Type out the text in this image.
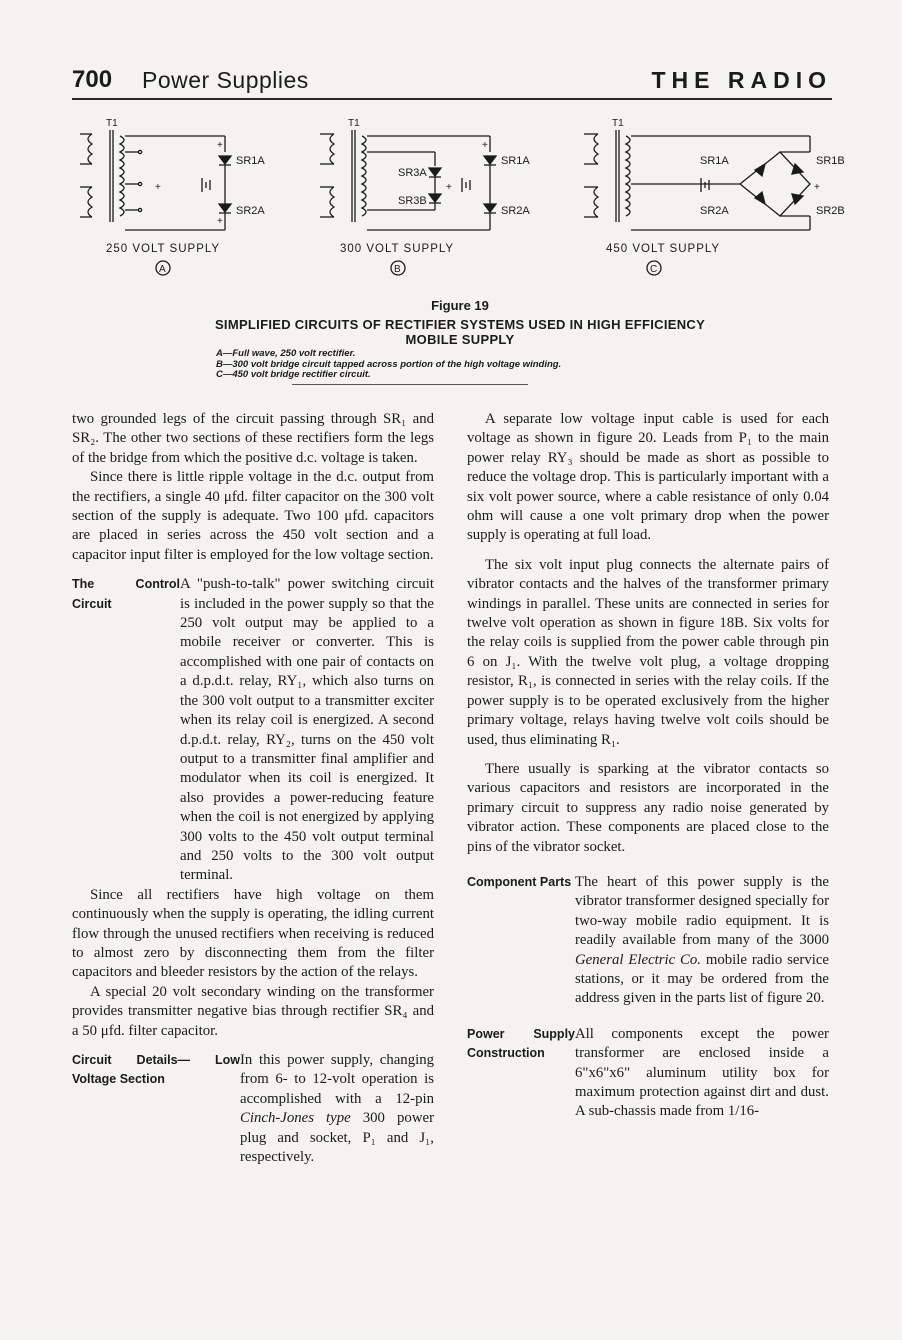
700 Power Supplies	THE RADIO
T1
+
+
SR1A
SR2A
+
250 VOLT SUPPLY
A
T1
SR3A
SR3B
+
+
SR1A
SR2A
300 VOLT SUPPLY
B
T1
SR1A	SR1B
SR2A	SR2B
+
450 VOLT SUPPLY
C
Figure 19
SIMPLIFIED CIRCUITS OF RECTIFIER SYSTEMS USED IN HIGH EFFICIENCY
MOBILE SUPPLY
A—Full wave, 250 volt rectifier.
B—300 volt bridge circuit tapped across portion of the high voltage winding.
C—450 volt bridge rectifier circuit.

two grounded legs of the circuit passing through SR₁ and SR₂. The other two sections of these rectifiers form the legs of the bridge from which the positive d.c. voltage is taken.

Since there is little ripple voltage in the d.c. output from the rectifiers, a single 40 μfd. filter capacitor on the 300 volt section of the supply is adequate. Two 100 μfd. capacitors are placed in series across the 450 volt section and a capacitor input filter is employed for the low voltage section.

The Control Circuit
A "push-to-talk" power switching circuit is included in the power supply so that the 250 volt output may be applied to a mobile receiver or converter. This is accomplished with one pair of contacts on a d.p.d.t. relay, RY₁, which also turns on the 300 volt output to a transmitter exciter when its relay coil is energized. A second d.p.d.t. relay, RY₂, turns on the 450 volt output to a transmitter final amplifier and modulator when its coil is energized. It also provides a power-reducing feature when the coil is not energized by applying 300 volts to the 450 volt output terminal and 250 volts to the 300 volt output terminal.

Since all rectifiers have high voltage on them continuously when the supply is operating, the idling current flow through the unused rectifiers when receiving is reduced to almost zero by disconnecting them from the filter capacitors and bleeder resistors by the action of the relays.

A special 20 volt secondary winding on the transformer provides transmitter negative bias through rectifier SR₄ and a 50 μfd. filter capacitor.

Circuit Details— Low Voltage Section
In this power supply, changing from 6- to 12-volt operation is accomplished with a 12-pin Cinch-Jones type 300 power plug and socket, P₁ and J₁, respectively.

A separate low voltage input cable is used for each voltage as shown in figure 20. Leads from P₁ to the main power relay RY₃ should be made as short as possible to reduce the voltage drop. This is particularly important with a six volt power source, where a cable resistance of only 0.04 ohm will cause a one volt primary drop when the power supply is operating at full load.

The six volt input plug connects the alternate pairs of vibrator contacts and the halves of the transformer primary windings in parallel. These units are connected in series for twelve volt operation as shown in figure 18B. Six volts for the relay coils is supplied from the power cable through pin 6 on J₁. With the twelve volt plug, a voltage dropping resistor, R₁, is connected in series with the relay coils. If the power supply is to be operated exclusively from the higher primary voltage, relays having twelve volt coils should be used, thus eliminating R₁.

There usually is sparking at the vibrator contacts so various capacitors and resistors are incorporated in the primary circuit to suppress any radio noise generated by vibrator action. These components are placed close to the pins of the vibrator socket.

Component Parts The heart of this power supply is the vibrator transformer designed specially for two-way mobile radio equipment. It is readily available from many of the 3000 General Electric Co. mobile radio service stations, or it may be ordered from the address given in the parts list of figure 20.
Power Supply Construction
All components except the power transformer are enclosed inside a 6"x6"x6" aluminum utility box for maximum protection against dirt and dust. A sub-chassis made from 1/16-
